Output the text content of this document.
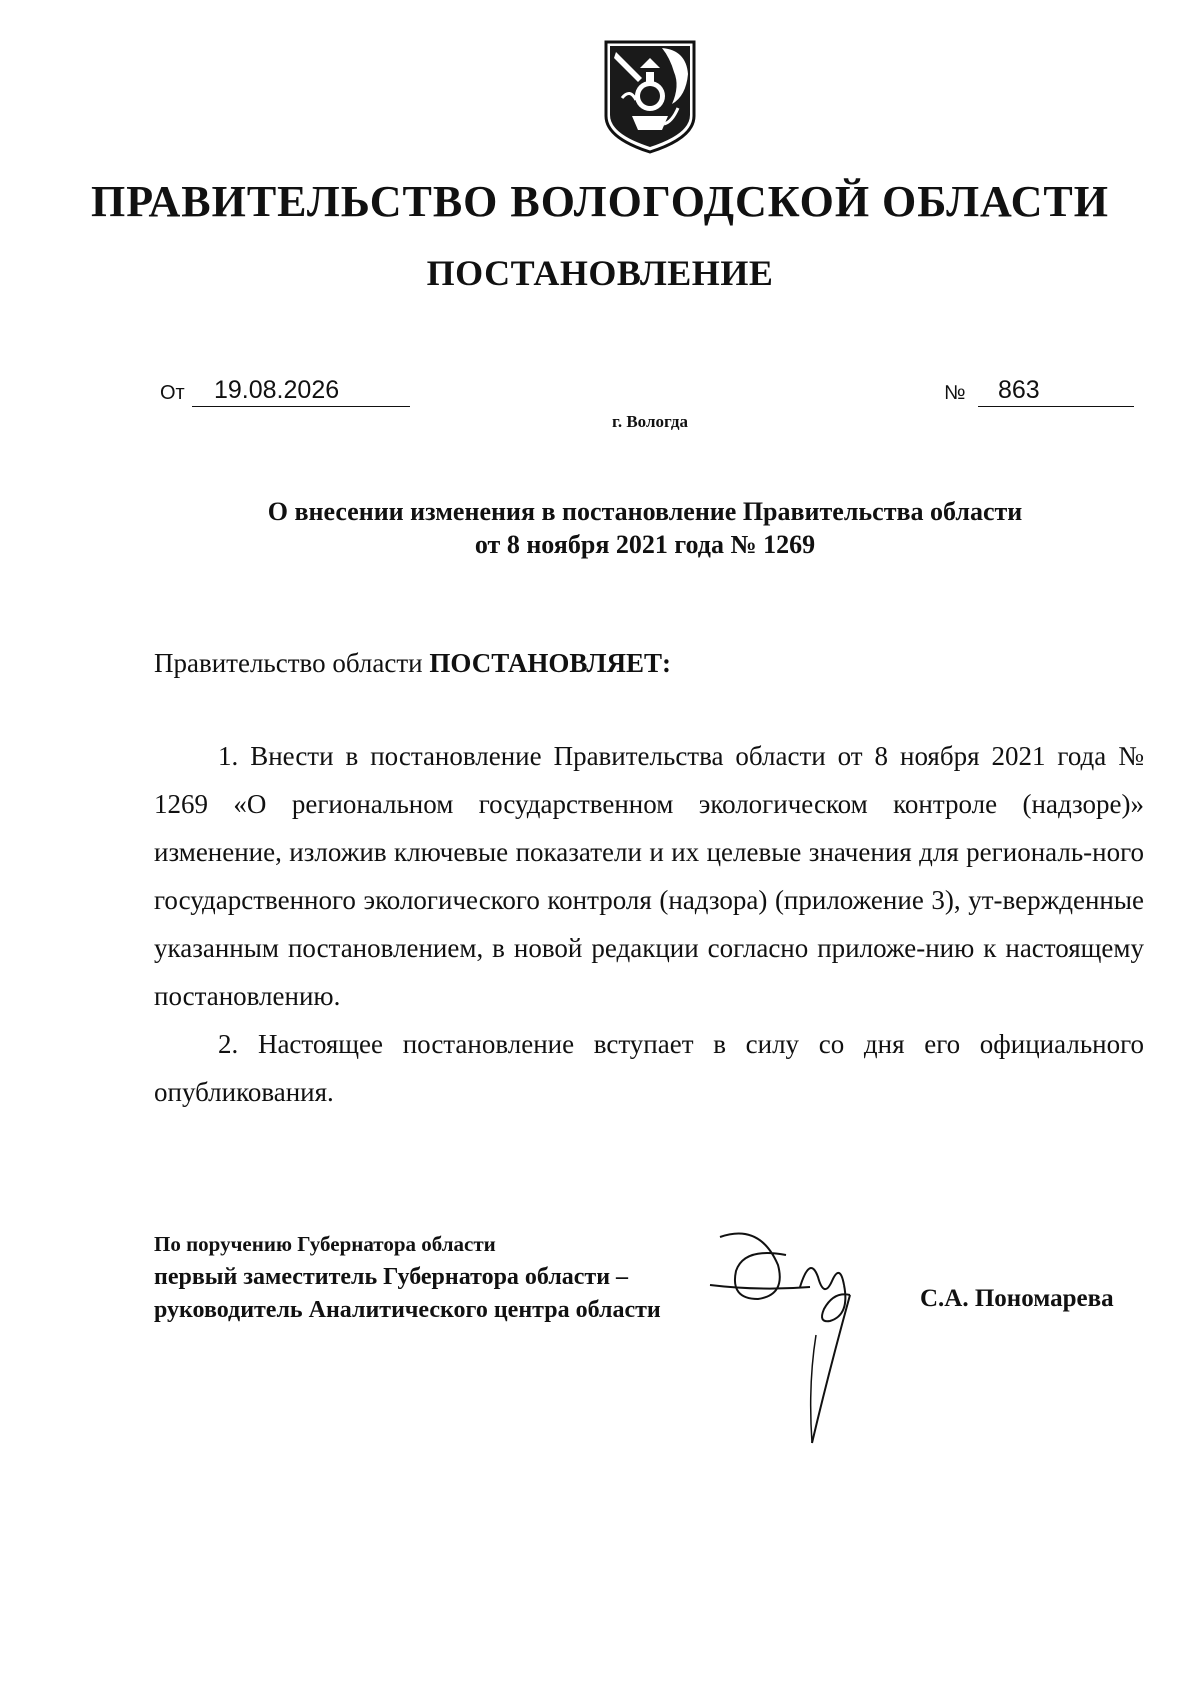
ПРАВИТЕЛЬСТВО ВОЛОГОДСКОЙ ОБЛАСТИ
ПОСТАНОВЛЕНИЕ
От 19.08.2026	№ 863
г. Вологда
О внесении изменения в постановление Правительства области
от 8 ноября 2021 года № 1269
Правительство области ПОСТАНОВЛЯЕТ:

1. Внести в постановление Правительства области от 8 ноября 2021 года № 1269 «О региональном государственном экологическом контроле (надзоре)» изменение, изложив ключевые показатели и их целевые значения для региональ-ного государственного экологического контроля (надзора) (приложение 3), ут-вержденные указанным постановлением, в новой редакции согласно приложе-нию к настоящему постановлению.

2. Настоящее постановление вступает в силу со дня его официального опубликования.

По поручению Губернатора области
первый заместитель Губернатора области –
руководитель Аналитического центра области	С.А. Пономарева
